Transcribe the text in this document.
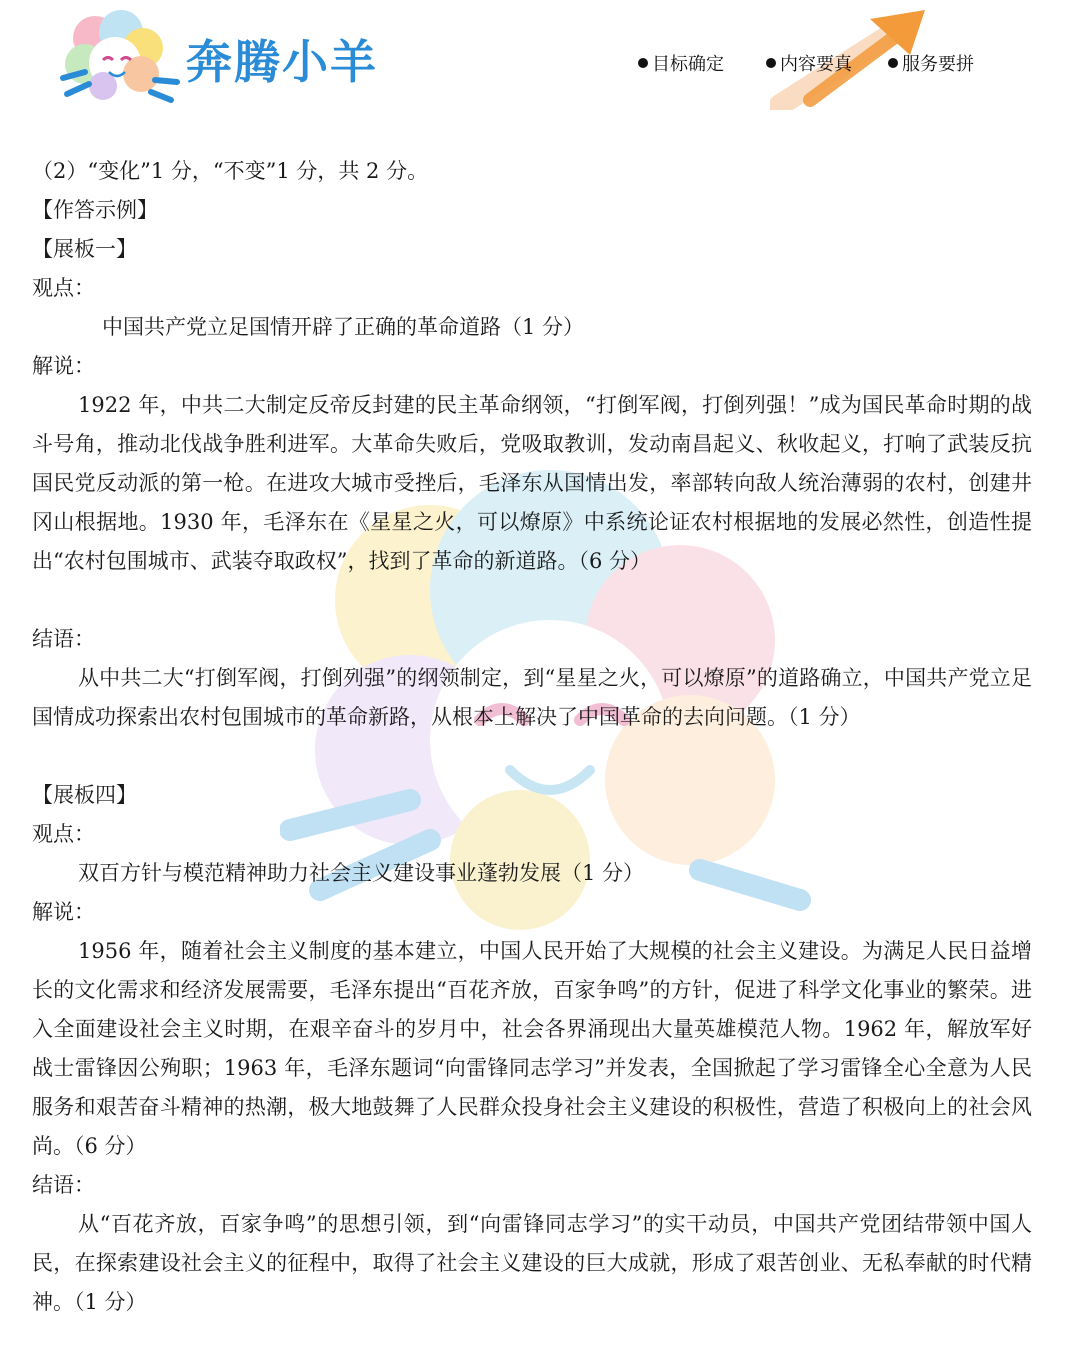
奔腾小羊	目标确定	内容要真	服务要拼
（2）“变化”1 分，“不变”1 分，共 2 分。
【作答示例】
【展板一】
观点：
中国共产党立足国情开辟了正确的革命道路（1 分）
解说：
1922 年，中共二大制定反帝反封建的民主革命纲领，“打倒军阀，打倒列强！”成为国民革命时期的战斗号角，推动北伐战争胜利进军。大革命失败后，党吸取教训，发动南昌起义、秋收起义，打响了武装反抗国民党反动派的第一枪。在进攻大城市受挫后，毛泽东从国情出发，率部转向敌人统治薄弱的农村，创建井冈山根据地。1930 年，毛泽东在《星星之火，可以燎原》中系统论证农村根据地的发展必然性，创造性提出“农村包围城市、武装夺取政权”，找到了革命的新道路。（6 分）
结语：
从中共二大“打倒军阀，打倒列强”的纲领制定，到“星星之火，可以燎原”的道路确立，中国共产党立足国情成功探索出农村包围城市的革命新路，从根本上解决了中国革命的去向问题。（1 分）
【展板四】
观点：
双百方针与模范精神助力社会主义建设事业蓬勃发展（1 分）
解说：
1956 年，随着社会主义制度的基本建立，中国人民开始了大规模的社会主义建设。为满足人民日益增长的文化需求和经济发展需要，毛泽东提出“百花齐放，百家争鸣”的方针，促进了科学文化事业的繁荣。进入全面建设社会主义时期，在艰辛奋斗的岁月中，社会各界涌现出大量英雄模范人物。1962 年，解放军好战士雷锋因公殉职；1963 年，毛泽东题词“向雷锋同志学习”并发表，全国掀起了学习雷锋全心全意为人民服务和艰苦奋斗精神的热潮，极大地鼓舞了人民群众投身社会主义建设的积极性，营造了积极向上的社会风尚。（6 分）
结语：
从“百花齐放，百家争鸣”的思想引领，到“向雷锋同志学习”的实干动员，中国共产党团结带领中国人民，在探索建设社会主义的征程中，取得了社会主义建设的巨大成就，形成了艰苦创业、无私奉献的时代精神。（1 分）
